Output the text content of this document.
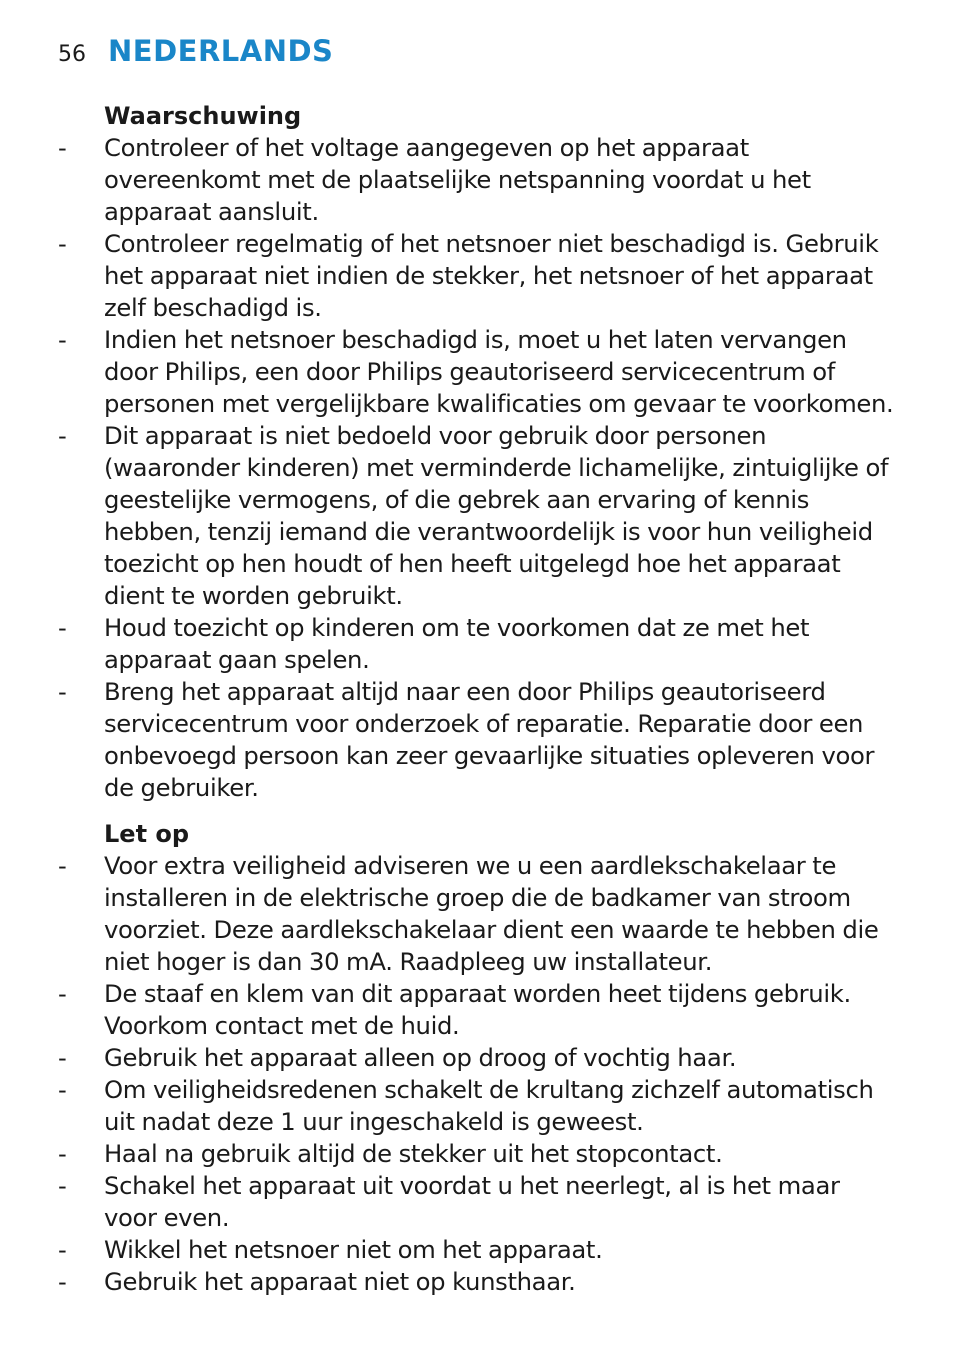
56 NEDERLANDS
Waarschuwing
- Controleer of het voltage aangegeven op het apparaat overeenkomt met de plaatselijke netspanning voordat u het apparaat aansluit.
- Controleer regelmatig of het netsnoer niet beschadigd is. Gebruik het apparaat niet indien de stekker, het netsnoer of het apparaat zelf beschadigd is.
- Indien het netsnoer beschadigd is, moet u het laten vervangen door Philips, een door Philips geautoriseerd servicecentrum of personen met vergelijkbare kwalificaties om gevaar te voorkomen.
- Dit apparaat is niet bedoeld voor gebruik door personen (waaronder kinderen) met verminderde lichamelijke, zintuiglijke of geestelijke vermogens, of die gebrek aan ervaring of kennis hebben, tenzij iemand die verantwoordelijk is voor hun veiligheid toezicht op hen houdt of hen heeft uitgelegd hoe het apparaat dient te worden gebruikt.
- Houd toezicht op kinderen om te voorkomen dat ze met het apparaat gaan spelen.
- Breng het apparaat altijd naar een door Philips geautoriseerd servicecentrum voor onderzoek of reparatie. Reparatie door een onbevoegd persoon kan zeer gevaarlijke situaties opleveren voor de gebruiker.
Let op
- Voor extra veiligheid adviseren we u een aardlekschakelaar te installeren in de elektrische groep die de badkamer van stroom voorziet. Deze aardlekschakelaar dient een waarde te hebben die niet hoger is dan 30 mA. Raadpleeg uw installateur.
- De staaf en klem van dit apparaat worden heet tijdens gebruik. Voorkom contact met de huid.
- Gebruik het apparaat alleen op droog of vochtig haar.
- Om veiligheidsredenen schakelt de krultang zichzelf automatisch uit nadat deze 1 uur ingeschakeld is geweest.
- Haal na gebruik altijd de stekker uit het stopcontact.
- Schakel het apparaat uit voordat u het neerlegt, al is het maar voor even.
- Wikkel het netsnoer niet om het apparaat.
- Gebruik het apparaat niet op kunsthaar.
